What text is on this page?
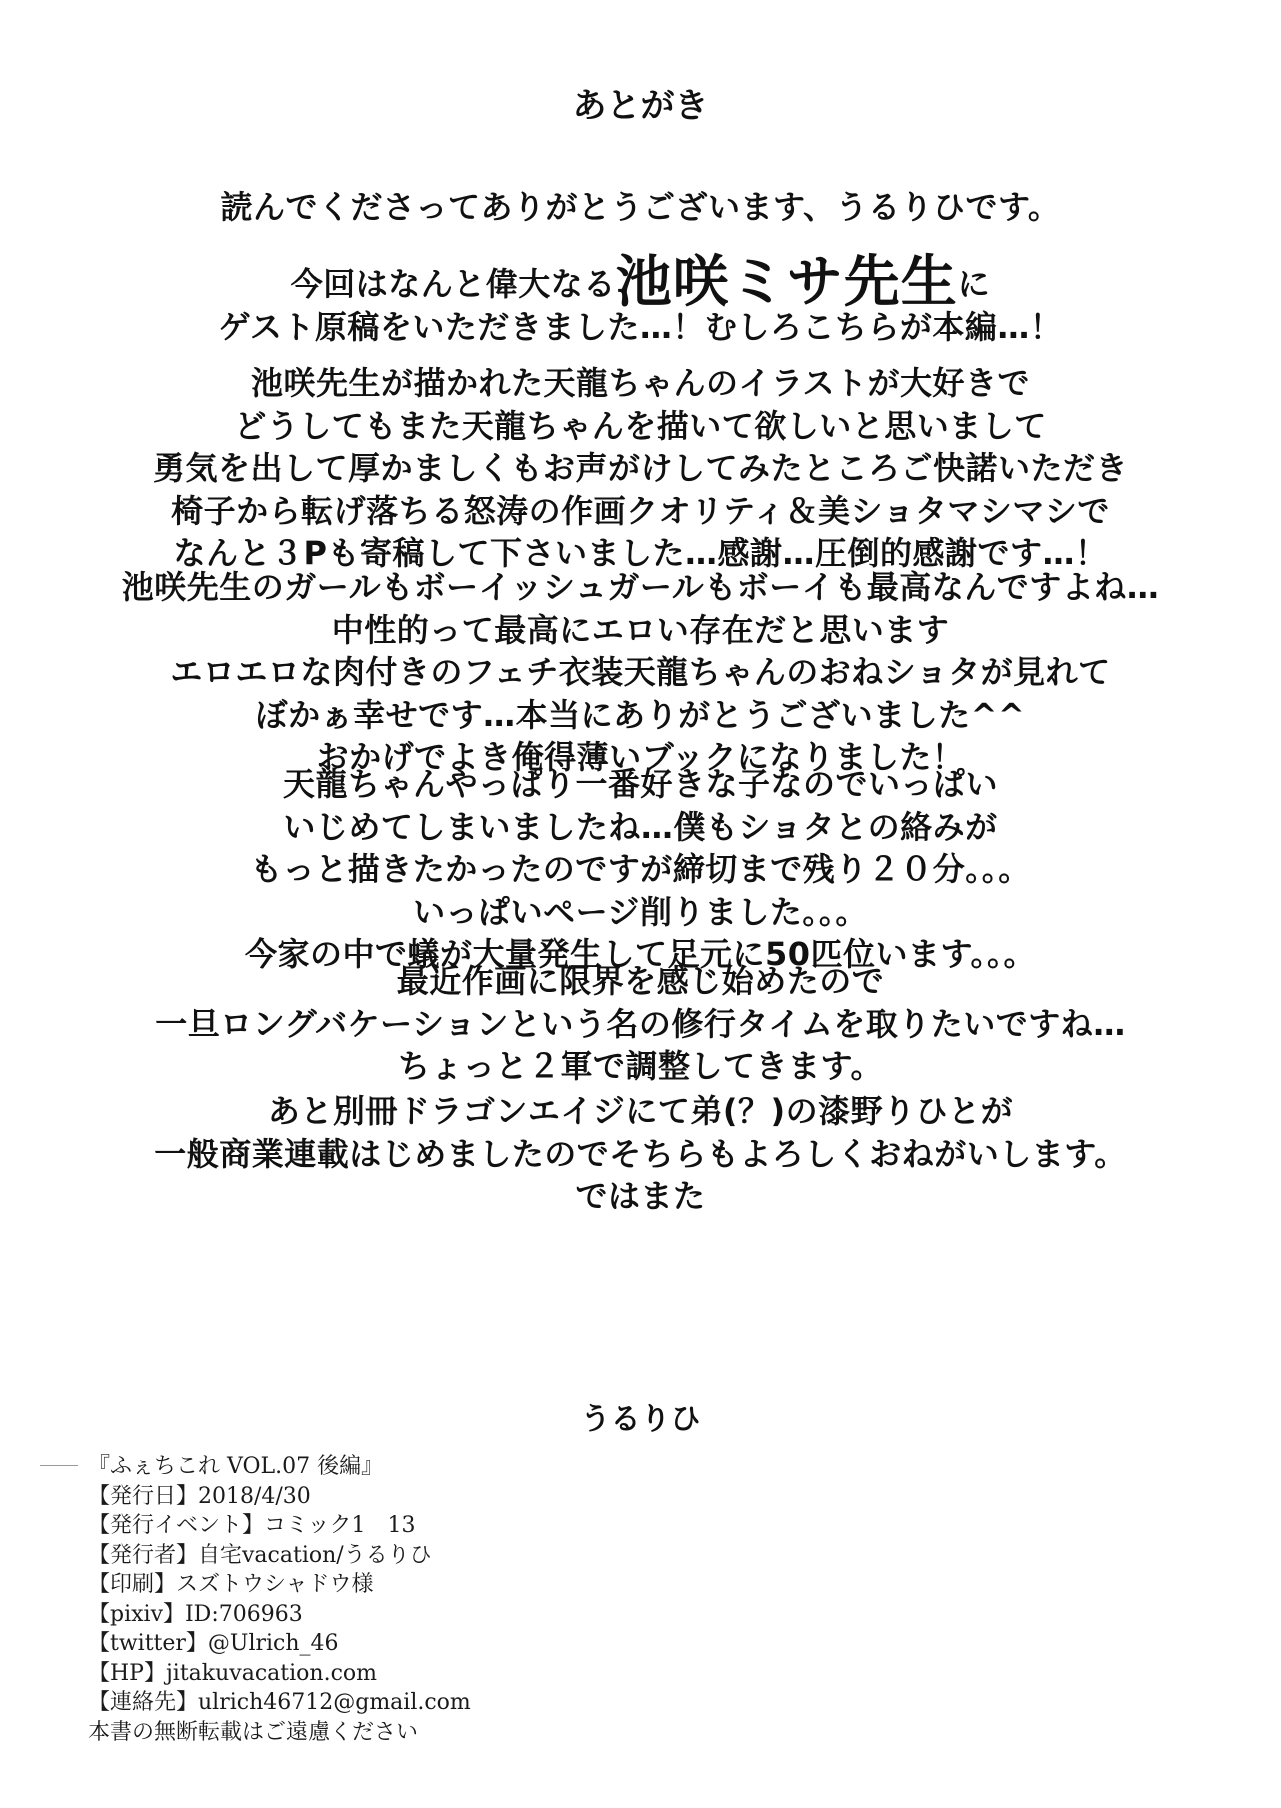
あとがき
読んでくださってありがとうございます、うるりひです。
今回はなんと偉大なる池咲ミサ先生に
ゲスト原稿をいただきました…！むしろこちらが本編…！
池咲先生が描かれた天龍ちゃんのイラストが大好きで
どうしてもまた天龍ちゃんを描いて欲しいと思いまして
勇気を出して厚かましくもお声がけしてみたところご快諾いただき
椅子から転げ落ちる怒涛の作画クオリティ＆美ショタマシマシで
なんと３Pも寄稿して下さいました…感謝…圧倒的感謝です…！
池咲先生のガールもボーイッシュガールもボーイも最高なんですよね…
中性的って最高にエロい存在だと思います
エロエロな肉付きのフェチ衣装天龍ちゃんのおねショタが見れて
ぼかぁ幸せです…本当にありがとうございました^^
おかげでよき俺得薄いブックになりました！
天龍ちゃんやっぱり一番好きな子なのでいっぱい
いじめてしまいましたね…僕もショタとの絡みが
もっと描きたかったのですが締切まで残り２０分。。。
いっぱいページ削りました。。。
今家の中で蟻が大量発生して足元に50匹位います。。。
最近作画に限界を感じ始めたので
一旦ロングバケーションという名の修行タイムを取りたいですね…
ちょっと２軍で調整してきます。
あと別冊ドラゴンエイジにて弟(？)の漆野りひとが
一般商業連載はじめましたのでそちらもよろしくおねがいします。
ではまた
うるりひ
『ふぇちこれ VOL.07 後編』
【発行日】2018/4/30
【発行イベント】コミック1　13
【発行者】自宅vacation/うるりひ
【印刷】スズトウシャドウ様
【pixiv】ID:706963
【twitter】@Ulrich_46
【HP】jitakuvacation.com
【連絡先】ulrich46712@gmail.com
本書の無断転載はご遠慮ください
